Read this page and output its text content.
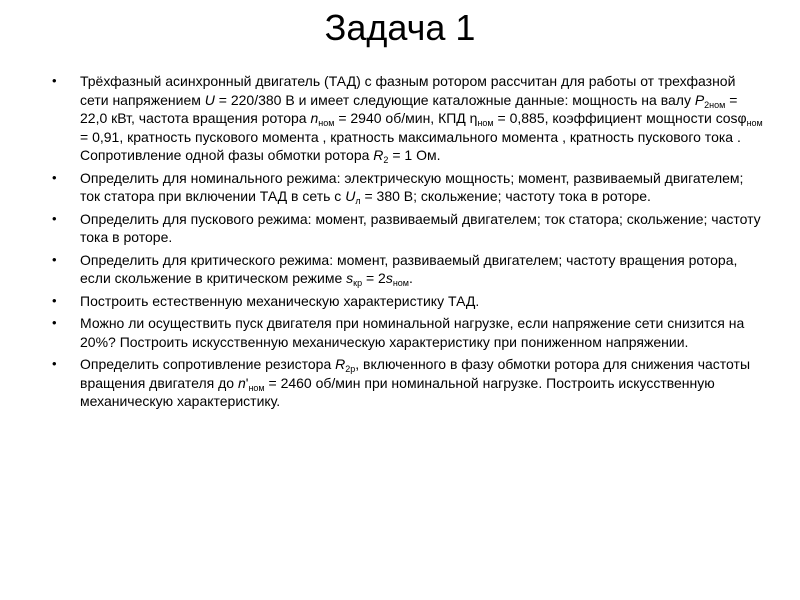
Задача 1
• Трёхфазный асинхронный двигатель (ТАД) с фазным ротором рассчитан для работы от трехфазной сети напряжением U = 220/380 В и имеет следующие каталожные данные: мощность на валу $P_{2ном} = 22,0$ кВт, частота вращения ротора $n_{ном} = 2940$ об/мин, КПД $\eta_{ном} = 0,885$, коэффициент мощности cosφ$_{ном}$ = 0,91, кратность пускового момента , кратность максимального момента , кратность пускового тока . Сопротивление одной фазы обмотки ротора $R_2 = 1$ Ом.
• Определить для номинального режима: электрическую мощность; момент, развиваемый двигателем; ток статора при включении ТАД в сеть с $U_л = 380$ В; скольжение; частоту тока в роторе.
• Определить для пускового режима: момент, развиваемый двигателем; ток статора; скольжение; частоту тока в роторе.
• Определить для критического режима: момент, развиваемый двигателем; частоту вращения ротора, если скольжение в критическом режиме $s_{кр} = 2s_{ном}$.
• Построить естественную механическую характеристику ТАД.
• Можно ли осуществить пуск двигателя при номинальной нагрузке, если напряжение сети снизится на 20%? Построить искусственную механическую характеристику при пониженном напряжении.
• Определить сопротивление резистора $R_{2р}$, включенного в фазу обмотки ротора для снижения частоты вращения двигателя до $n'_{ном} = 2460$ об/мин при номинальной нагрузке. Построить искусственную механическую характеристику.
